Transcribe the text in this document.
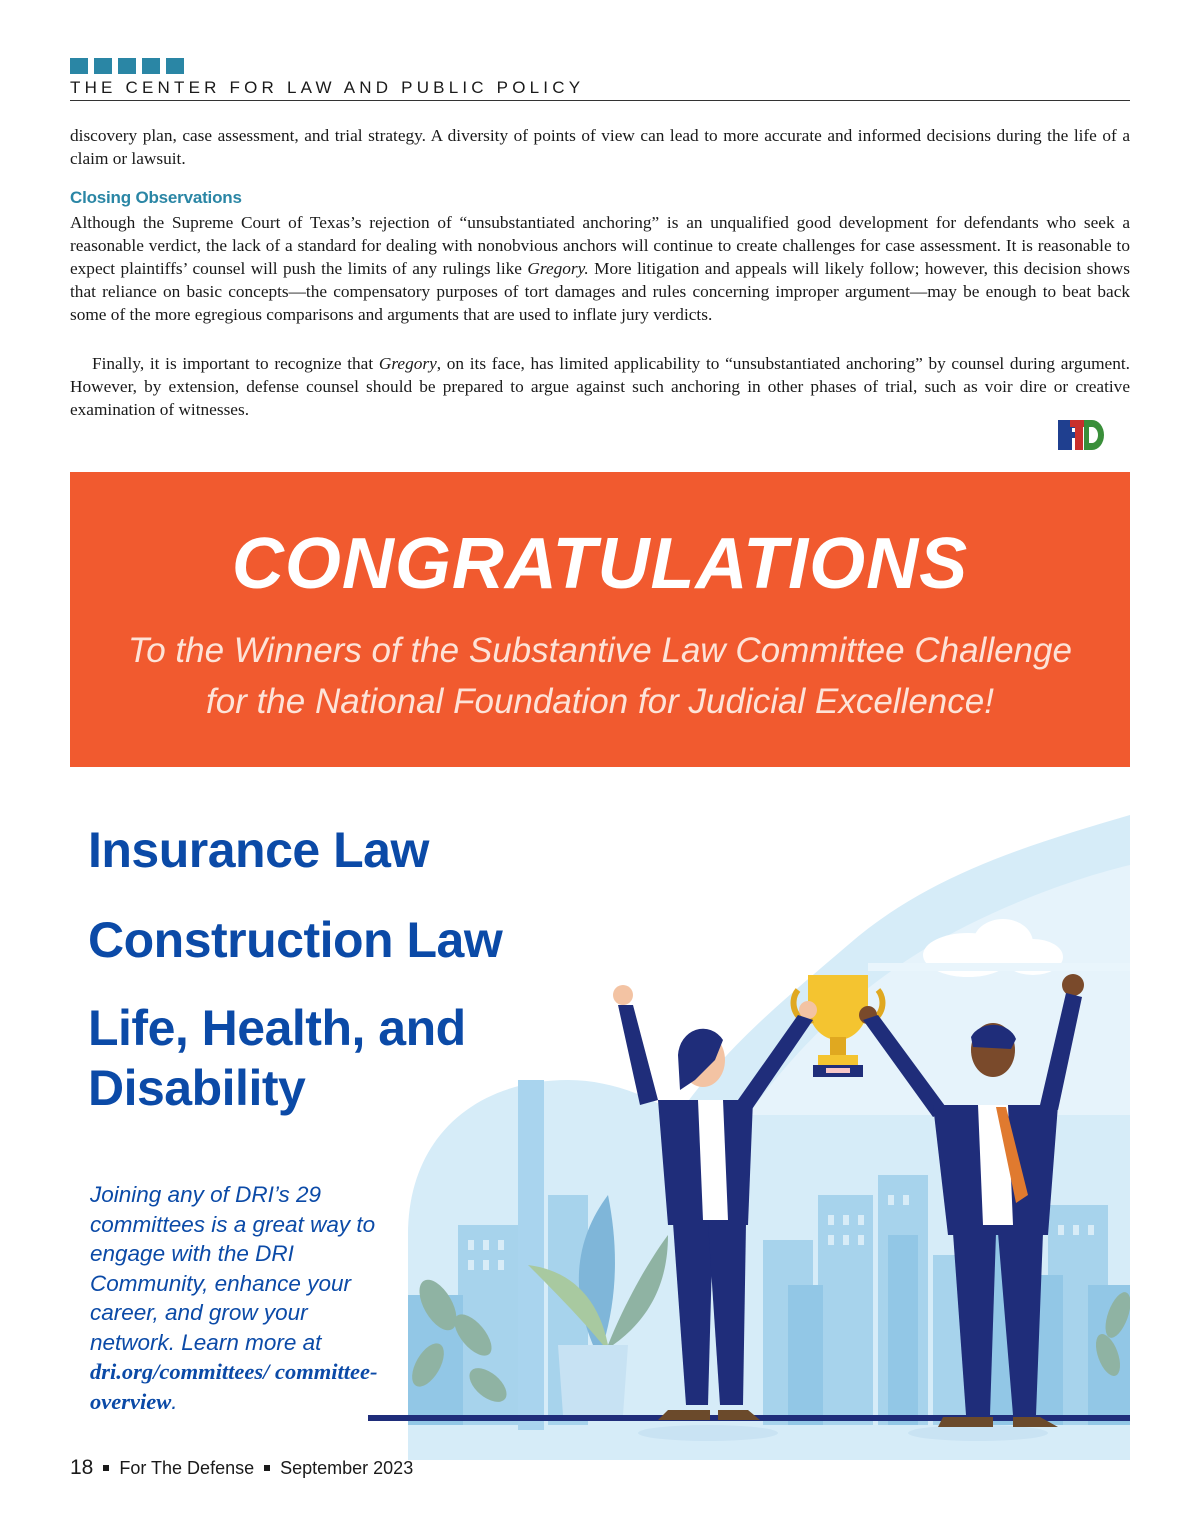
THE CENTER FOR LAW AND PUBLIC POLICY

discovery plan, case assessment, and trial strategy. A diversity of points of view can lead to more accurate and informed decisions during the life of a claim or lawsuit.

Closing Observations

Although the Supreme Court of Texas’s rejection of “unsubstantiated anchoring” is an unqualified good development for defendants who seek a reasonable verdict, the lack of a standard for dealing with nonobvious anchors will continue to create challenges for case assessment. It is reasonable to expect plaintiffs’ counsel will push the limits of any rulings like Gregory. More litigation and appeals will likely follow; however, this decision shows that reliance on basic concepts—the compensatory purposes of tort damages and rules concerning improper argument—may be enough to beat back some of the more egregious comparisons and arguments that are used to inflate jury verdicts.

Finally, it is important to recognize that Gregory, on its face, has limited applicability to “unsubstantiated anchoring” by counsel during argument. However, by extension, defense counsel should be prepared to argue against such anchoring in other phases of trial, such as voir dire or creative examination of witnesses.

CONGRATULATIONS

To the Winners of the Substantive Law Committee Challenge

for the National Foundation for Judicial Excellence!

Insurance Law
Construction Law
Life, Health, and
Disability

Joining any of DRI’s 29 committees is a great way to engage with the DRI Community, enhance your career, and grow your network. Learn more at dri.org/committees/ committee-overview.

18 For The Defense September 2023
